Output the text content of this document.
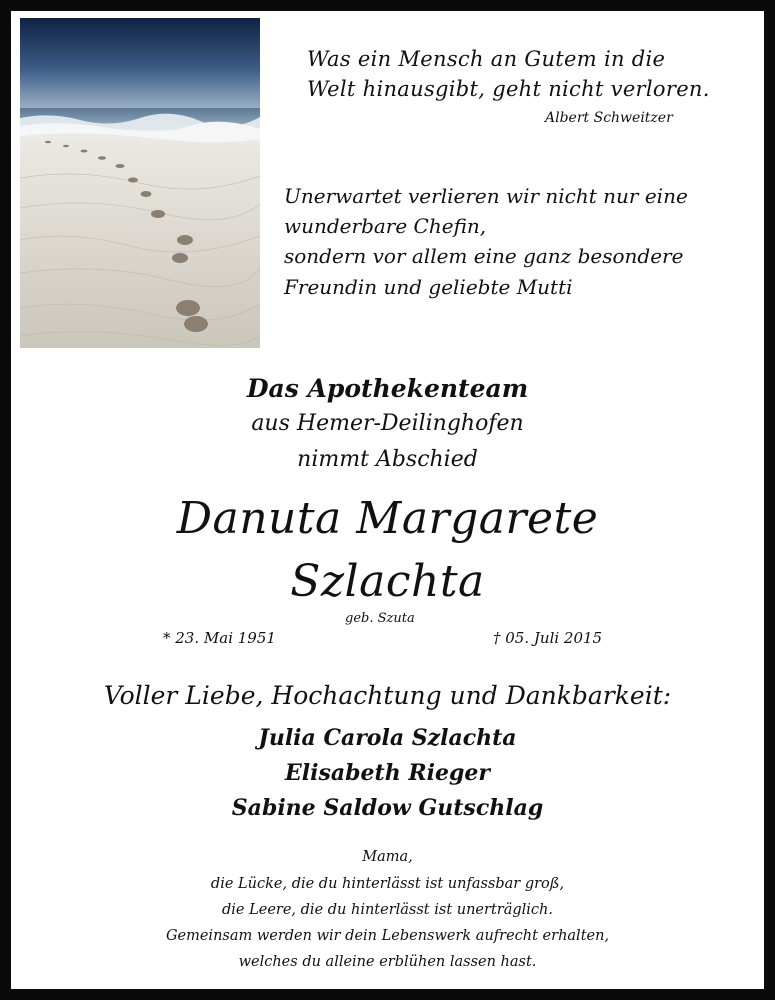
Was ein Mensch an Gutem in die
Welt hinausgibt, geht nicht verloren.
Albert Schweitzer
Unerwartet verlieren wir nicht nur eine
wunderbare Chefin,
sondern vor allem eine ganz besondere
Freundin und geliebte Mutti
Das Apothekenteam
aus Hemer-Deilinghofen
nimmt Abschied
Danuta Margarete
Szlachta
geb. Szuta
* 23. Mai 1951	† 05. Juli 2015
Voller Liebe, Hochachtung und Dankbarkeit:
Julia Carola Szlachta
Elisabeth Rieger
Sabine Saldow Gutschlag
Mama,
die Lücke, die du hinterlässt ist unfassbar groß,
die Leere, die du hinterlässt ist unerträglich.
Gemeinsam werden wir dein Lebenswerk aufrecht erhalten,
welches du alleine erblühen lassen hast.
